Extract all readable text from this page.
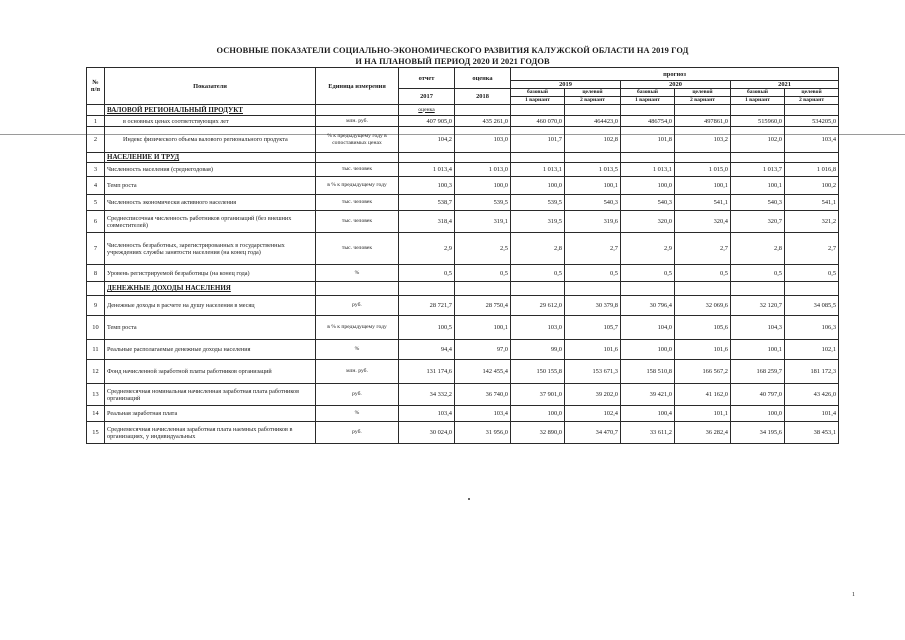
ОСНОВНЫЕ ПОКАЗАТЕЛИ СОЦИАЛЬНО-ЭКОНОМИЧЕСКОГО РАЗВИТИЯ КАЛУЖСКОЙ ОБЛАСТИ НА 2019 ГОД
И НА ПЛАНОВЫЙ ПЕРИОД 2020 И 2021 ГОДОВ
№ п/п	Показатели	Единица измерения	отчет	оценка	прогноз					
					2019		2020		2021	
			2017	2018	базовый	целевой	базовый	целевой	базовый	целевой
					1 вариант	2 вариант	1 вариант	2 вариант	1 вариант	2 вариант
	ВАЛОВОЙ РЕГИОНАЛЬНЫЙ ПРОДУКТ		оценка							
1	в основных ценах соответствующих лет	млн. руб.	407 905,0	435 261,0	460 070,0	464423,0	486754,0	497861,0	515960,0	534205,0
2	Индекс физического объема валового регионального продукта	% к предыдущему году в сопоставимых ценах	104,2	103,0	101,7	102,8	101,8	103,2	102,0	103,4
	НАСЕЛЕНИЕ И ТРУД									
3	Численность населения (среднегодовая)	тыс. человек	1 013,4	1 013,0	1 013,1	1 013,5	1 013,1	1 015,0	1 013,7	1 016,8
4	Темп роста	в % к предыдущему году	100,3	100,0	100,0	100,1	100,0	100,1	100,1	100,2
5	Численность экономически активного населения	тыс. человек	538,7	539,5	539,5	540,3	540,3	541,1	540,3	541,1
6	Среднесписочная численность работников организаций (без внешних совместителей)	тыс. человек	318,4	319,1	319,5	319,6	320,0	320,4	320,7	321,2
7	Численность безработных, зарегистрированных в государственных учреждениях службы занятости населения (на конец года)	тыс. человек	2,9	2,5	2,8	2,7	2,9	2,7	2,8	2,7
8	Уровень регистрируемой безработицы (на конец года)	%	0,5	0,5	0,5	0,5	0,5	0,5	0,5	0,5
	ДЕНЕЖНЫЕ ДОХОДЫ НАСЕЛЕНИЯ									
9	Денежные доходы в расчете на душу населения в месяц	руб.	28 721,7	28 750,4	29 612,0	30 379,8	30 796,4	32 069,6	32 120,7	34 085,5
10	Темп роста	в % к предыдущему году	100,5	100,1	103,0	105,7	104,0	105,6	104,3	106,3
11	Реальные располагаемые денежные доходы населения	%	94,4	97,0	99,0	101,6	100,0	101,6	100,1	102,1
12	Фонд начисленной заработной платы работников организаций	млн. руб.	131 174,6	142 455,4	150 155,8	153 671,3	158 510,8	166 567,2	168 259,7	181 172,3
13	Среднемесячная номинальная начисленная заработная плата работников организаций	руб.	34 332,2	36 740,0	37 901,0	39 202,0	39 421,0	41 162,0	40 797,0	43 426,0
14	Реальная заработная плата	%	103,4	103,4	100,0	102,4	100,4	101,1	100,0	101,4
15	Среднемесячная начисленная заработная плата наемных работников в организациях, у индивидуальных	руб.	30 024,0	31 956,0	32 890,0	34 470,7	33 611,2	36 282,4	34 195,6	38 453,1
1
